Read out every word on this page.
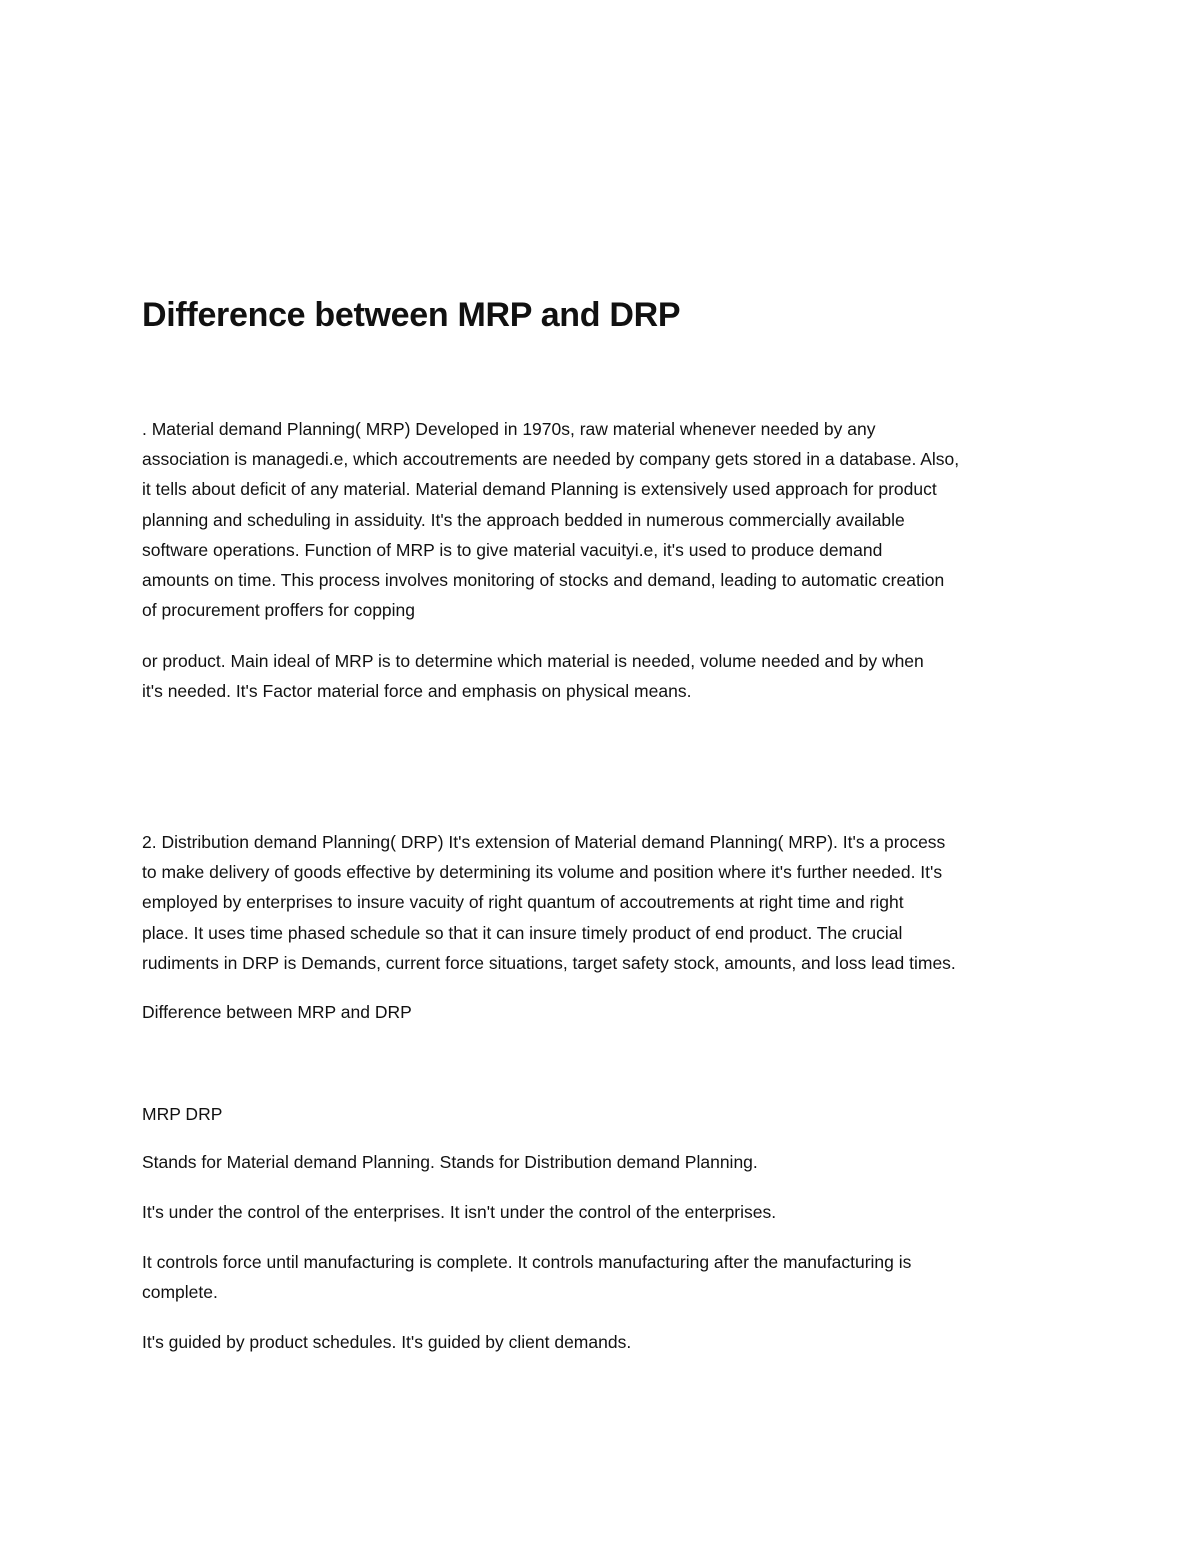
Difference between MRP and DRP

. Material demand Planning( MRP) Developed in 1970s, raw material whenever needed by any
association is managedi.e, which accoutrements are needed by company gets stored in a database. Also,
it tells about deficit of any material. Material demand Planning is extensively used approach for product
planning and scheduling in assiduity. It's the approach bedded in numerous commercially available
software operations. Function of MRP is to give material vacuityi.e, it's used to produce demand
amounts on time. This process involves monitoring of stocks and demand, leading to automatic creation
of procurement proffers for copping

or product. Main ideal of MRP is to determine which material is needed, volume needed and by when
it's needed. It's Factor material force and emphasis on physical means.

2. Distribution demand Planning( DRP) It's extension of Material demand Planning( MRP). It's a process
to make delivery of goods effective by determining its volume and position where it's further needed. It's
employed by enterprises to insure vacuity of right quantum of accoutrements at right time and right
place. It uses time phased schedule so that it can insure timely product of end product. The crucial
rudiments in DRP is Demands, current force situations, target safety stock, amounts, and loss lead times.

Difference between MRP and DRP

MRP DRP

Stands for Material demand Planning. Stands for Distribution demand Planning.

It's under the control of the enterprises. It isn't under the control of the enterprises.

It controls force until manufacturing is complete. It controls manufacturing after the manufacturing is
complete.

It's guided by product schedules. It's guided by client demands.
